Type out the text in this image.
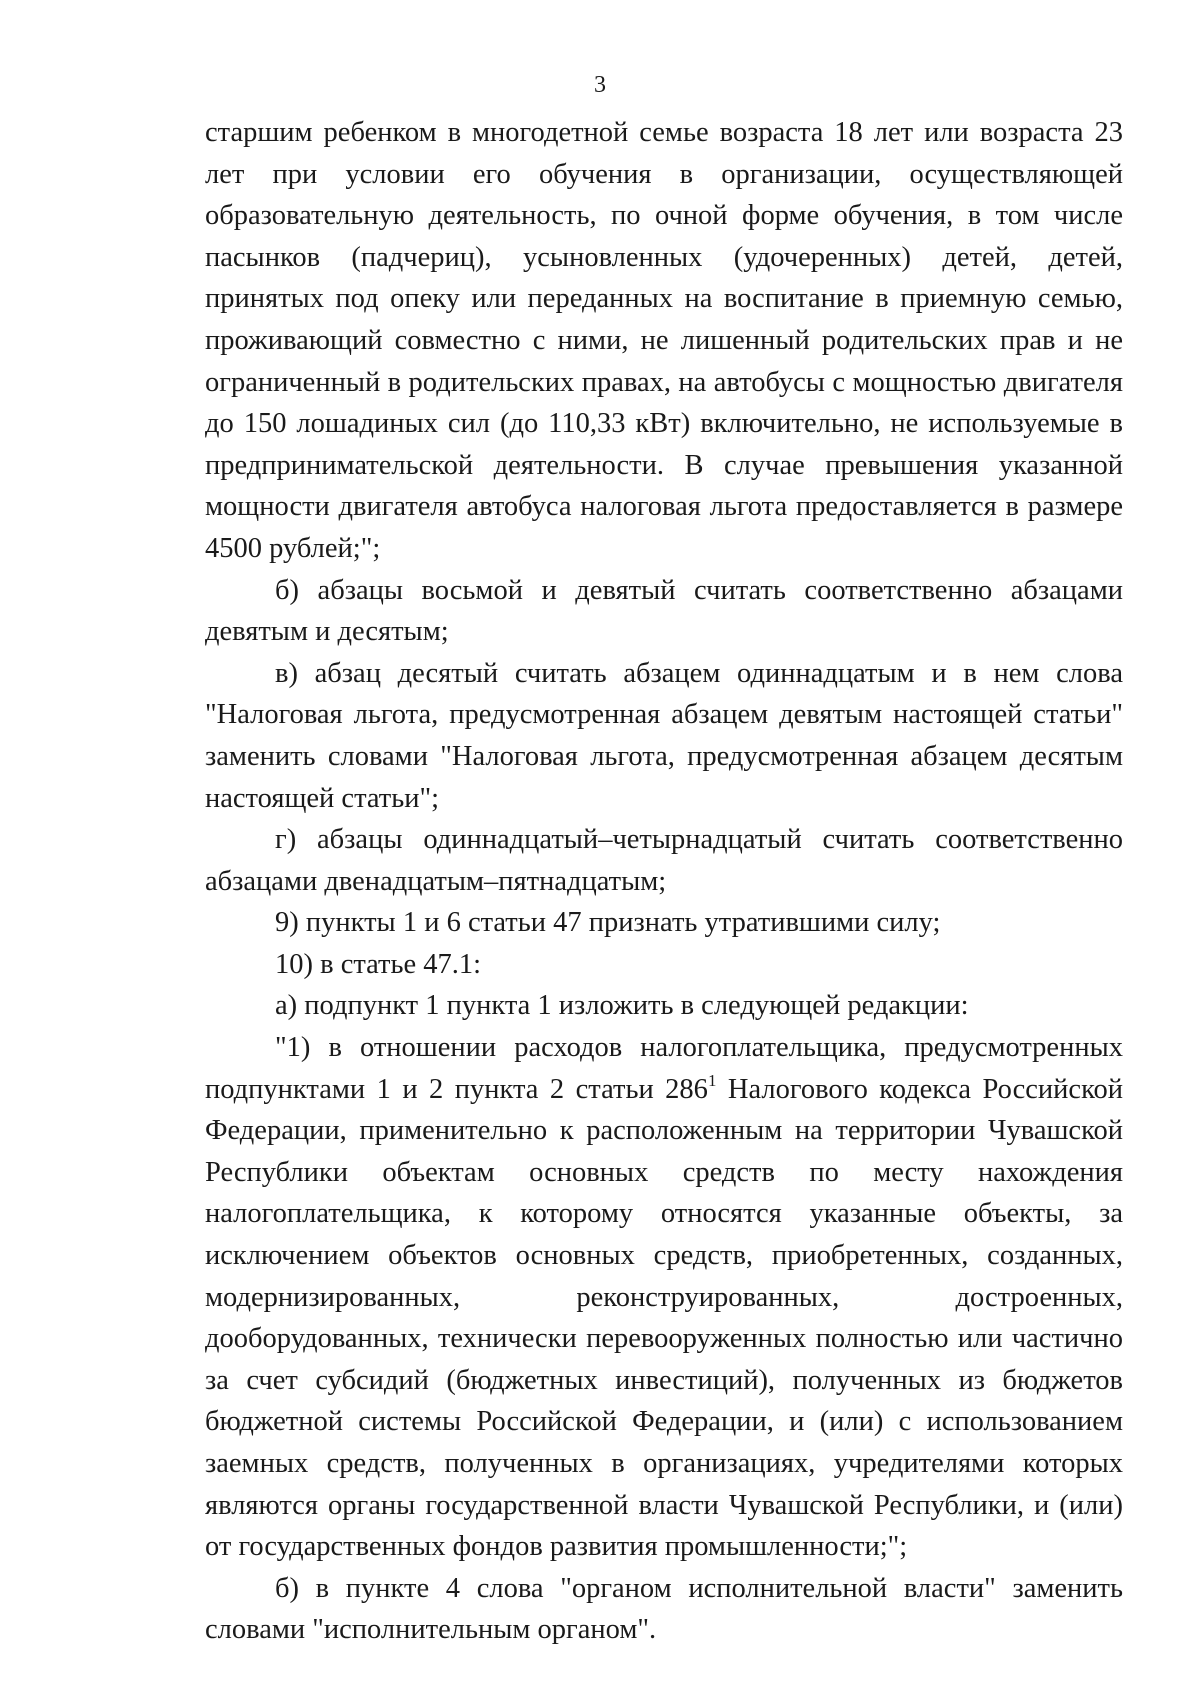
3

старшим ребенком в многодетной семье возраста 18 лет или возраста 23 лет при условии его обучения в организации, осуществляющей образовательную деятельность, по очной форме обучения, в том числе пасынков (падчериц), усыновленных (удочеренных) детей, детей, принятых под опеку или переданных на воспитание в приемную семью, проживающий совместно с ними, не лишенный родительских прав и не ограниченный в родительских правах, на автобусы с мощностью двигателя до 150 лошадиных сил (до 110,33 кВт) включительно, не используемые в предпринимательской деятельности. В случае превышения указанной мощности двигателя автобуса налоговая льгота предоставляется в размере 4500 рублей;";

б) абзацы восьмой и девятый считать соответственно абзацами девятым и десятым;

в) абзац десятый считать абзацем одиннадцатым и в нем слова "Налоговая льгота, предусмотренная абзацем девятым настоящей статьи" заменить словами "Налоговая льгота, предусмотренная абзацем десятым настоящей статьи";

г) абзацы одиннадцатый–четырнадцатый считать соответственно абзацами двенадцатым–пятнадцатым;

9) пункты 1 и 6 статьи 47 признать утратившими силу;

10) в статье 47.1:

а) подпункт 1 пункта 1 изложить в следующей редакции:

"1) в отношении расходов налогоплательщика, предусмотренных подпунктами 1 и 2 пункта 2 статьи $286^1$ Налогового кодекса Российской Федерации, применительно к расположенным на территории Чувашской Республики объектам основных средств по месту нахождения налогоплательщика, к которому относятся указанные объекты, за исключением объектов основных средств, приобретенных, созданных, модернизированных, реконструированных, достроенных, дооборудованных, технически перевооруженных полностью или частично за счет субсидий (бюджетных инвестиций), полученных из бюджетов бюджетной системы Российской Федерации, и (или) с использованием заемных средств, полученных в организациях, учредителями которых являются органы государственной власти Чувашской Республики, и (или) от государственных фондов развития промышленности;";

б) в пункте 4 слова "органом исполнительной власти" заменить словами "исполнительным органом".
